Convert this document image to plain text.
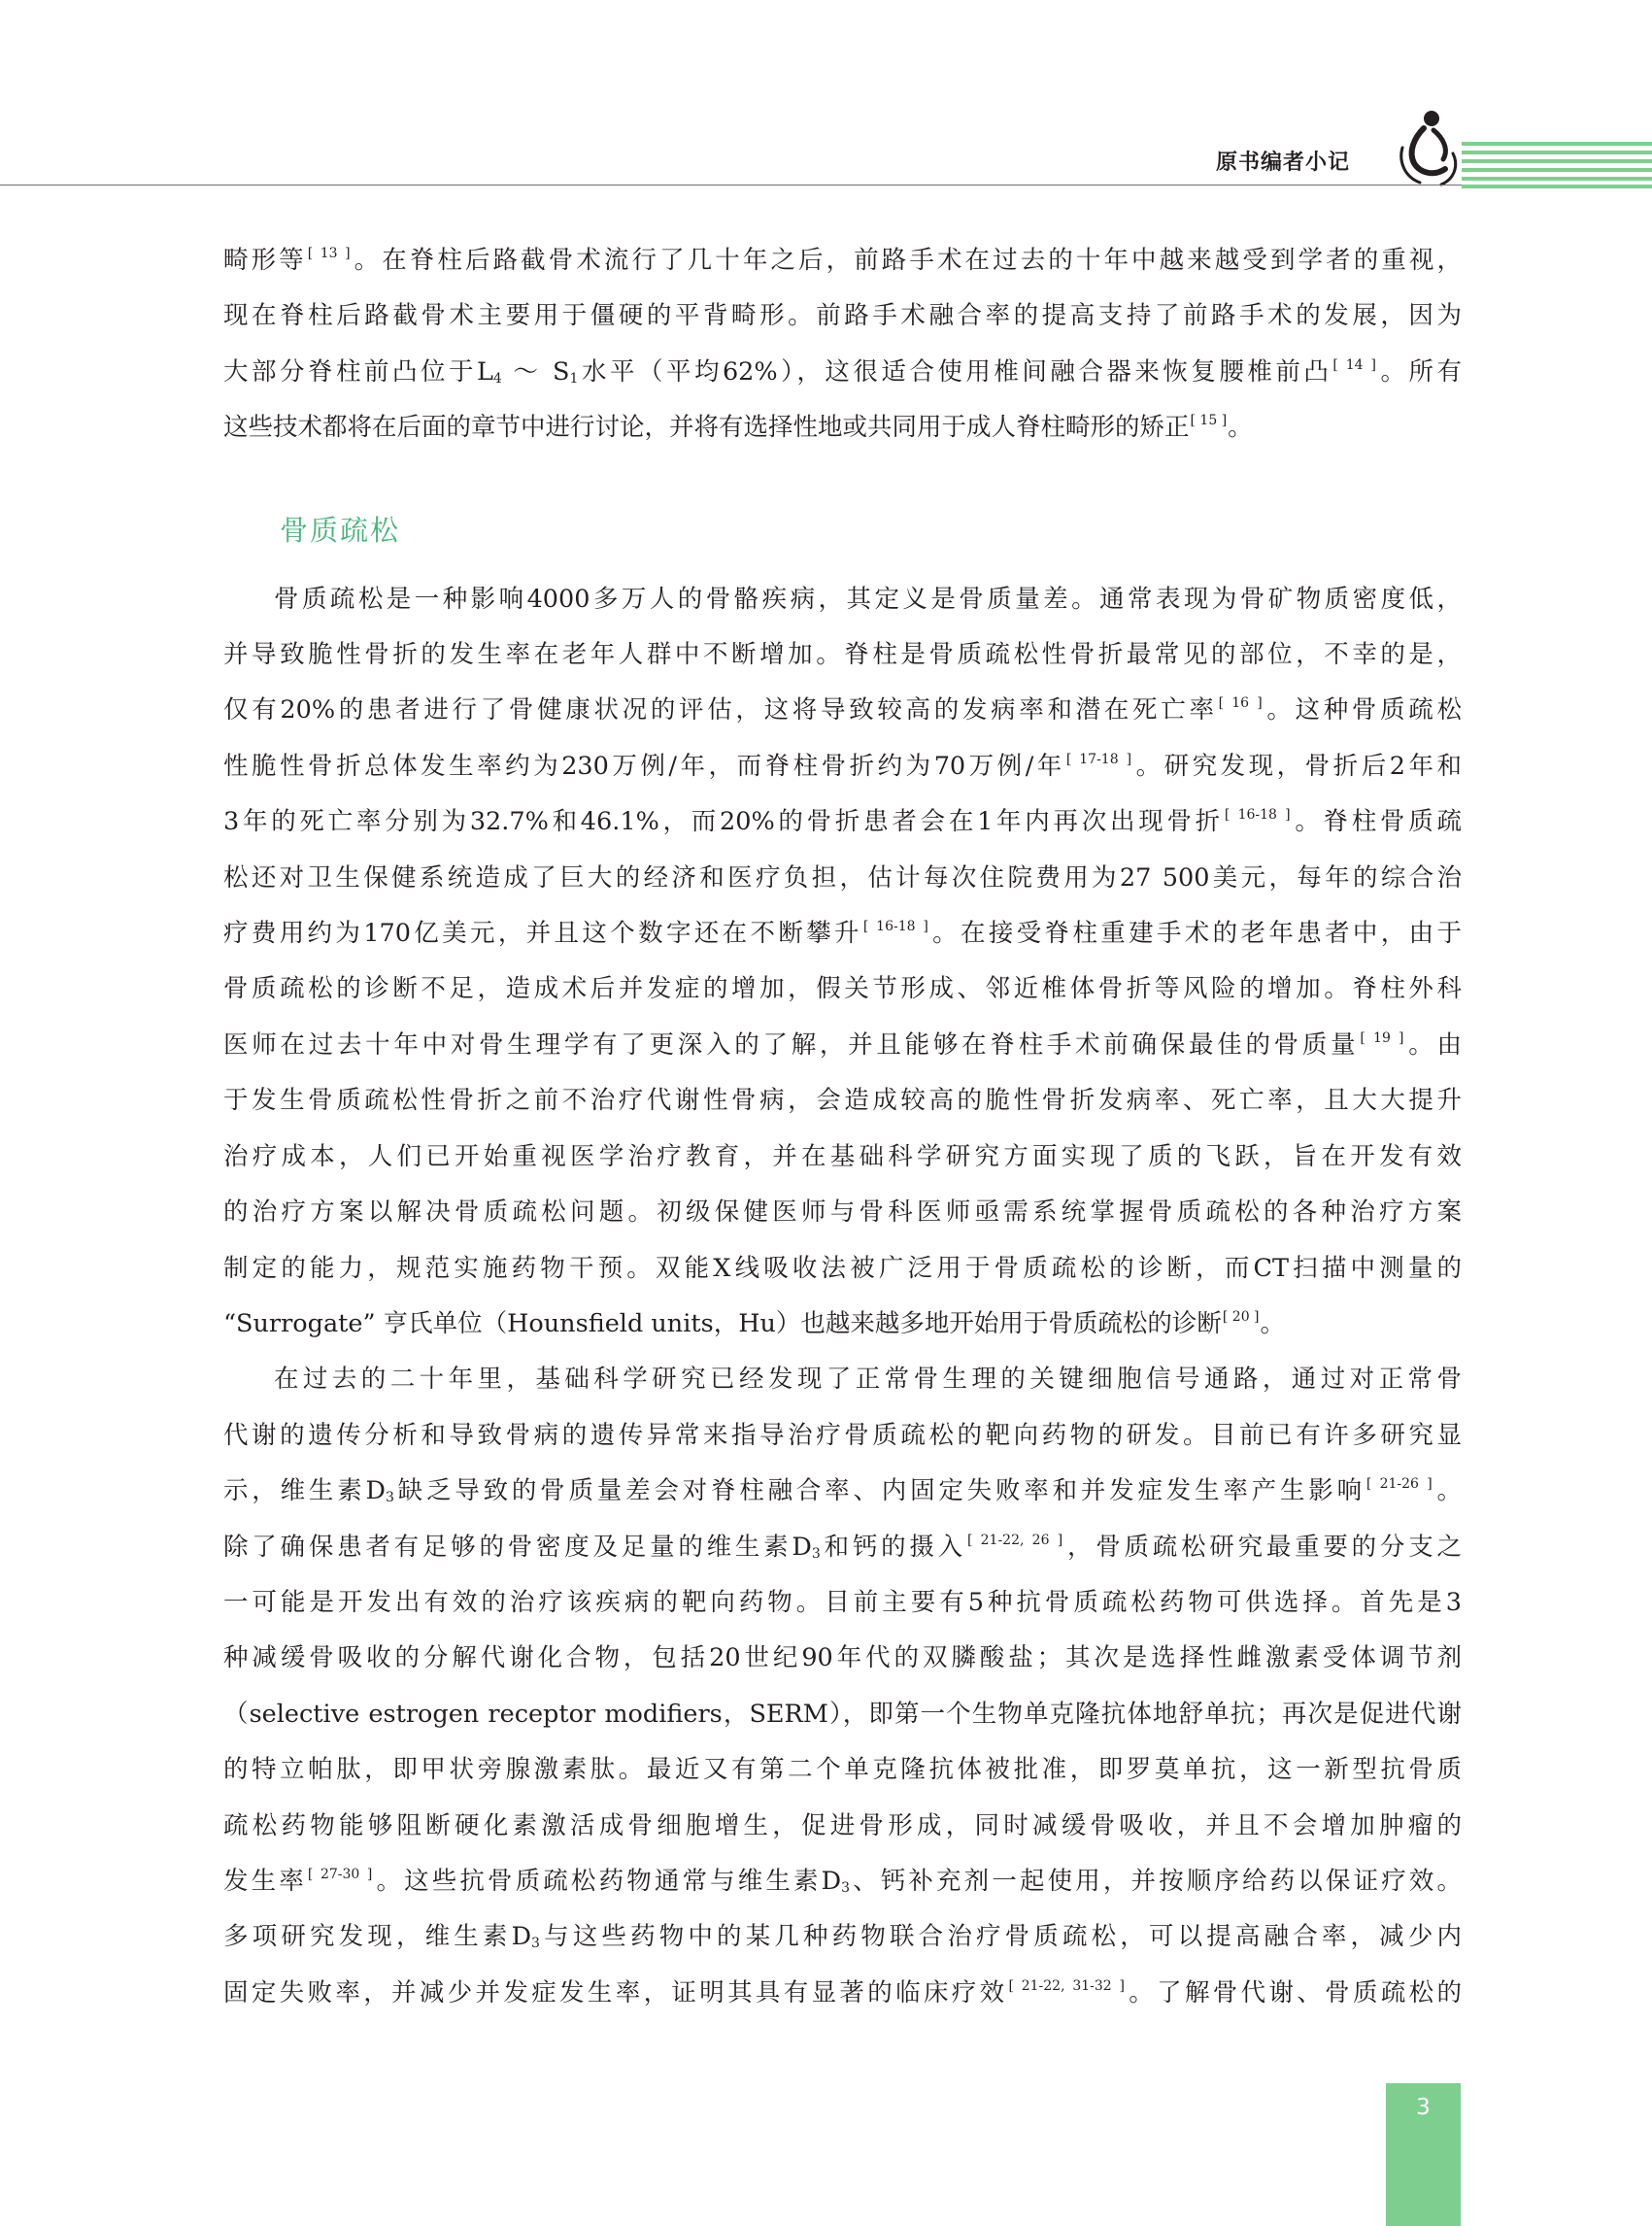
原书编者小记

畸形等[ 13 ]。在脊柱后路截骨术流行了几十年之后，前路手术在过去的十年中越来越受到学者的重视，
现在脊柱后路截骨术主要用于僵硬的平背畸形。前路手术融合率的提高支持了前路手术的发展，因为
大部分脊柱前凸位于$L_4$ ～ $S_1$水平（平均62%），这很适合使用椎间融合器来恢复腰椎前凸[ 14 ]。所有
这些技术都将在后面的章节中进行讨论，并将有选择性地或共同用于成人脊柱畸形的矫正[ 15 ]。

骨质疏松

骨质疏松是一种影响4000多万人的骨骼疾病，其定义是骨质量差。通常表现为骨矿物质密度低，
并导致脆性骨折的发生率在老年人群中不断增加。脊柱是骨质疏松性骨折最常见的部位，不幸的是，
仅有20%的患者进行了骨健康状况的评估，这将导致较高的发病率和潜在死亡率[ 16 ]。这种骨质疏松
性脆性骨折总体发生率约为230万例/年，而脊柱骨折约为70万例/年[ 17-18 ]。研究发现，骨折后2年和
3年的死亡率分别为32.7%和46.1%，而20%的骨折患者会在1年内再次出现骨折[ 16-18 ]。脊柱骨质疏
松还对卫生保健系统造成了巨大的经济和医疗负担，估计每次住院费用为27 500美元，每年的综合治
疗费用约为170亿美元，并且这个数字还在不断攀升[ 16-18 ]。在接受脊柱重建手术的老年患者中，由于
骨质疏松的诊断不足，造成术后并发症的增加，假关节形成、邻近椎体骨折等风险的增加。脊柱外科
医师在过去十年中对骨生理学有了更深入的了解，并且能够在脊柱手术前确保最佳的骨质量[ 19 ]。由
于发生骨质疏松性骨折之前不治疗代谢性骨病，会造成较高的脆性骨折发病率、死亡率，且大大提升
治疗成本，人们已开始重视医学治疗教育，并在基础科学研究方面实现了质的飞跃，旨在开发有效
的治疗方案以解决骨质疏松问题。初级保健医师与骨科医师亟需系统掌握骨质疏松的各种治疗方案
制定的能力，规范实施药物干预。双能X线吸收法被广泛用于骨质疏松的诊断，而CT扫描中测量的
“Surrogate” 亨氏单位（Hounsfield units，Hu）也越来越多地开始用于骨质疏松的诊断[ 20 ]。

在过去的二十年里，基础科学研究已经发现了正常骨生理的关键细胞信号通路，通过对正常骨
代谢的遗传分析和导致骨病的遗传异常来指导治疗骨质疏松的靶向药物的研发。目前已有许多研究显
示，维生素$D_3$缺乏导致的骨质量差会对脊柱融合率、内固定失败率和并发症发生率产生影响[ 21-26 ]。
除了确保患者有足够的骨密度及足量的维生素$D_3$和钙的摄入[ 21-22, 26 ]，骨质疏松研究最重要的分支之
一可能是开发出有效的治疗该疾病的靶向药物。目前主要有5种抗骨质疏松药物可供选择。首先是3
种减缓骨吸收的分解代谢化合物，包括20世纪90年代的双膦酸盐；其次是选择性雌激素受体调节剂
（selective estrogen receptor modifiers，SERM），即第一个生物单克隆抗体地舒单抗；再次是促进代谢
的特立帕肽，即甲状旁腺激素肽。最近又有第二个单克隆抗体被批准，即罗莫单抗，这一新型抗骨质
疏松药物能够阻断硬化素激活成骨细胞增生，促进骨形成，同时减缓骨吸收，并且不会增加肿瘤的
发生率[ 27-30 ]。这些抗骨质疏松药物通常与维生素$D_3$、钙补充剂一起使用，并按顺序给药以保证疗效。
多项研究发现，维生素$D_3$与这些药物中的某几种药物联合治疗骨质疏松，可以提高融合率，减少内
固定失败率，并减少并发症发生率，证明其具有显著的临床疗效[ 21-22, 31-32 ]。了解骨代谢、骨质疏松的

3
